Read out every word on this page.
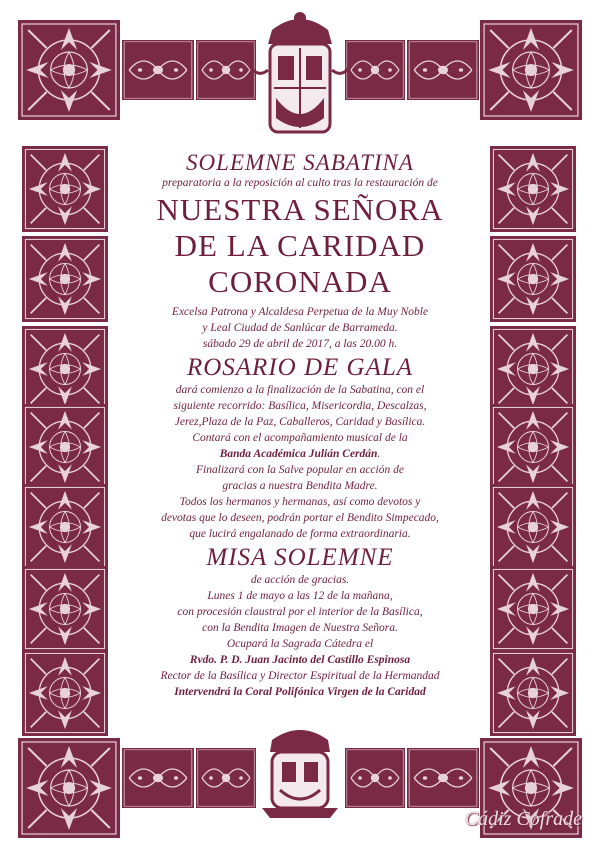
SOLEMNE SABATINA

preparatoria a la reposición al culto tras la restauración de

NUESTRA SEÑORA

DE LA CARIDAD

CORONADA

Excelsa Patrona y Alcaldesa Perpetua de la Muy Noble

y Leal Ciudad de Sanlúcar de Barrameda.

sábado 29 de abril de 2017, a las 20.00 h.

ROSARIO DE GALA

dará comienzo a la finalización de la Sabatina, con el

siguiente recorrido: Basílica, Misericordia, Descalzas,

Jerez,Plaza de la Paz, Caballeros, Caridad y Basílica.

Contará con el acompañamiento musical de la

Banda Académica Julián Cerdán.

Finalizará con la Salve popular en acción de

gracias a nuestra Bendita Madre.

Todos los hermanos y hermanas, así como devotos y

devotas que lo deseen, podrán portar el Bendito Simpecado,

que lucirá engalanado de forma extraordinaria.

MISA SOLEMNE

de acción de gracias.

Lunes 1 de mayo a las 12 de la mañana,

con procesión claustral por el interior de la Basílica,

con la Bendita Imagen de Nuestra Señora.

Ocupará la Sagrada Cátedra el

Rvdo. P. D. Juan Jacinto del Castillo Espinosa

Rector de la Basílica y Director Espiritual de la Hermandad

Intervendrá la Coral Polifónica Virgen de la Caridad

Cádiz Cofrade
